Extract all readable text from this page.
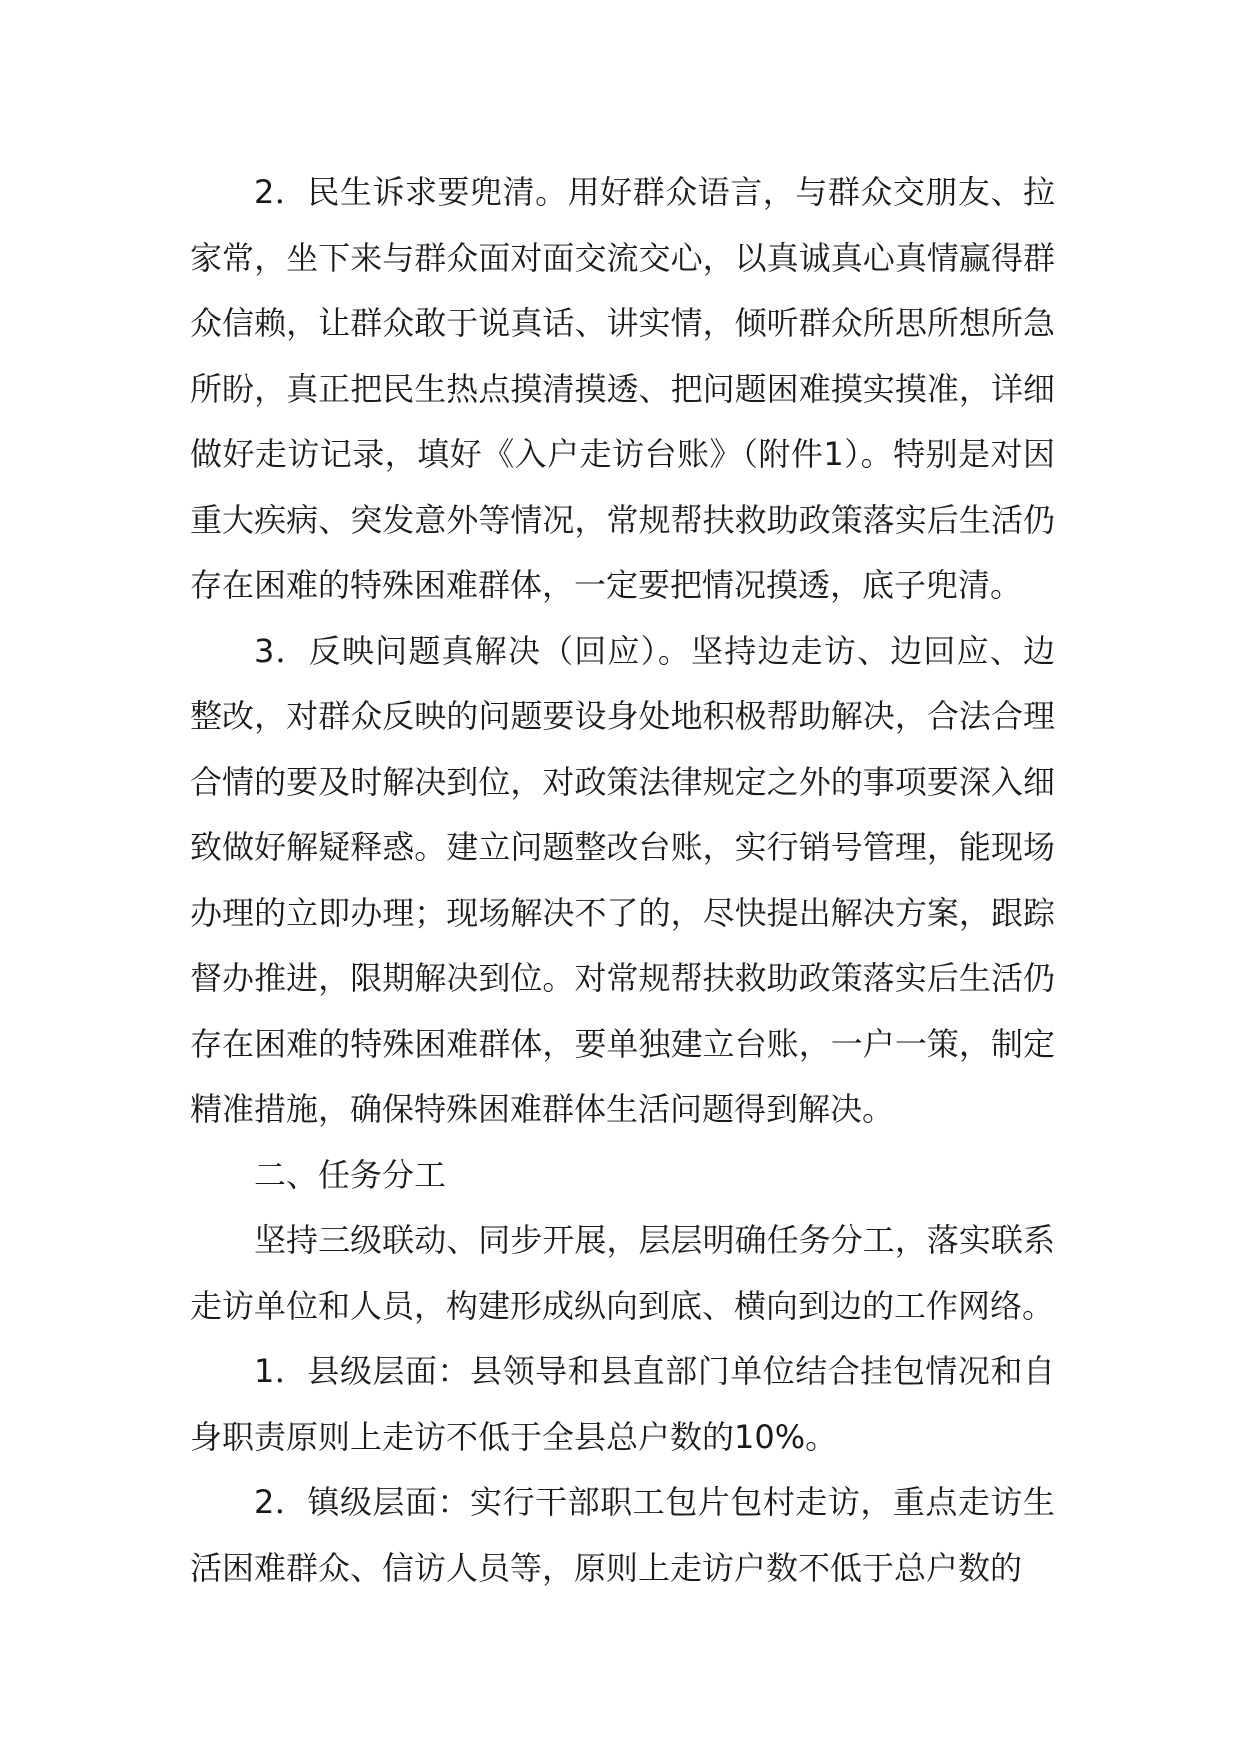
2．民生诉求要兜清。用好群众语言，与群众交朋友、拉家常，坐下来与群众面对面交流交心，以真诚真心真情赢得群众信赖，让群众敢于说真话、讲实情，倾听群众所思所想所急所盼，真正把民生热点摸清摸透、把问题困难摸实摸准，详细做好走访记录，填好《入户走访台账》（附件1）。特别是对因重大疾病、突发意外等情况，常规帮扶救助政策落实后生活仍存在困难的特殊困难群体，一定要把情况摸透，底子兜清。

3．反映问题真解决（回应）。坚持边走访、边回应、边整改，对群众反映的问题要设身处地积极帮助解决，合法合理合情的要及时解决到位，对政策法律规定之外的事项要深入细致做好解疑释惑。建立问题整改台账，实行销号管理，能现场办理的立即办理；现场解决不了的，尽快提出解决方案，跟踪督办推进，限期解决到位。对常规帮扶救助政策落实后生活仍存在困难的特殊困难群体，要单独建立台账，一户一策，制定精准措施，确保特殊困难群体生活问题得到解决。

二、任务分工

坚持三级联动、同步开展，层层明确任务分工，落实联系走访单位和人员，构建形成纵向到底、横向到边的工作网络。

1．县级层面：县领导和县直部门单位结合挂包情况和自身职责原则上走访不低于全县总户数的10%。

2．镇级层面：实行干部职工包片包村走访，重点走访生活困难群众、信访人员等，原则上走访户数不低于总户数的
